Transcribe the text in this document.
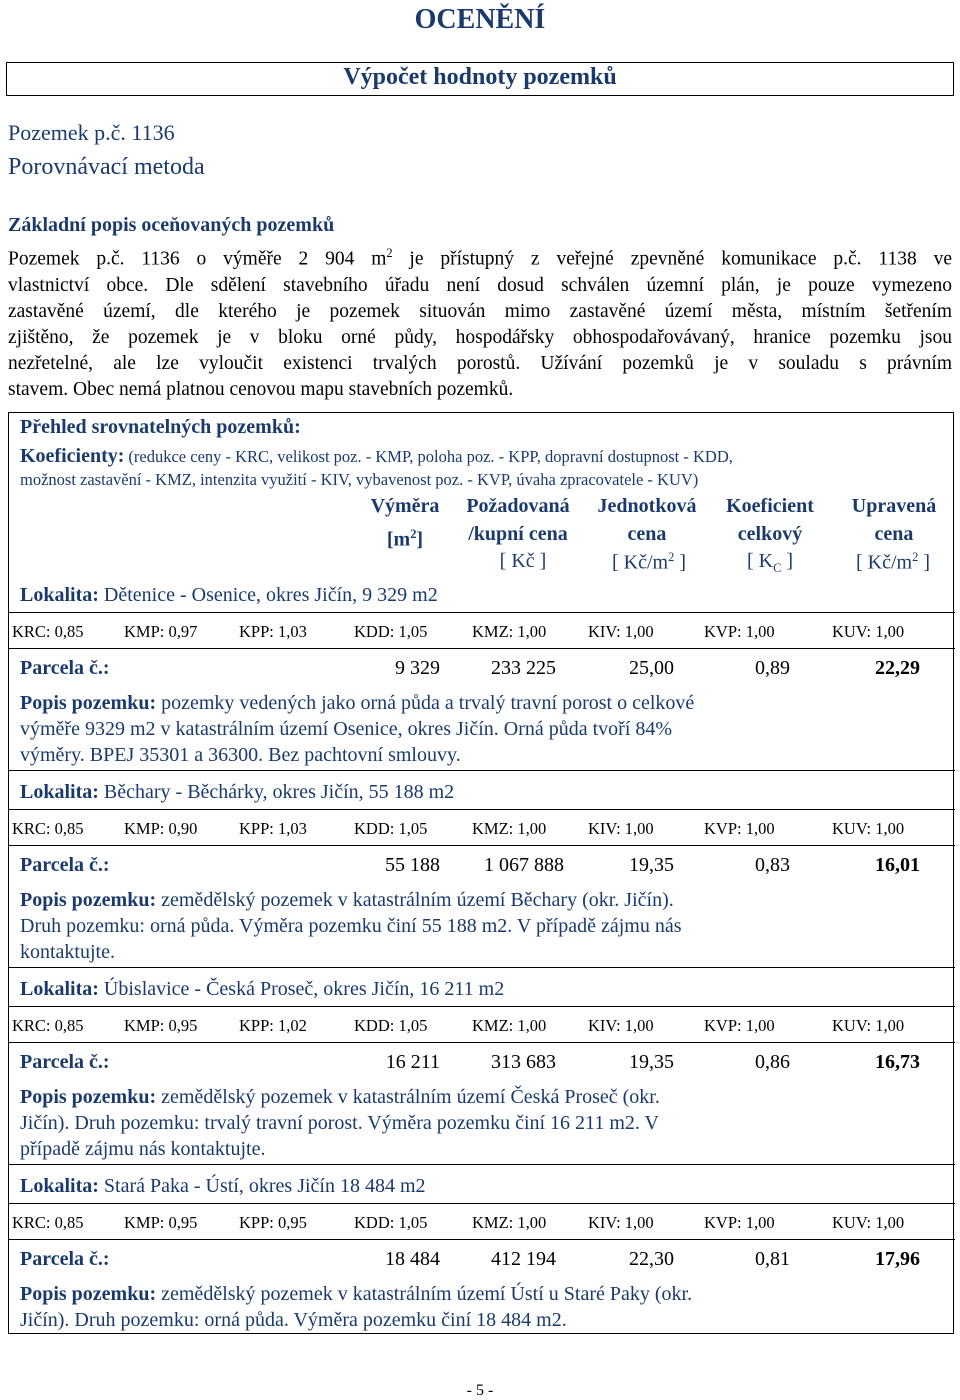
OCENĚNÍ
Výpočet hodnoty pozemků
Pozemek p.č. 1136
Porovnávací metoda
Základní popis oceňovaných pozemků
Pozemek p.č. 1136 o výměře 2 904 $m^2$ je přístupný z veřejné zpevněné komunikace p.č. 1138 ve
vlastnictví obce. Dle sdělení stavebního úřadu není dosud schválen územní plán, je pouze vymezeno
zastavěné území, dle kterého je pozemek situován mimo zastavěné území města, místním šetřením
zjištěno, že pozemek je v bloku orné půdy, hospodářsky obhospodařovávaný, hranice pozemku jsou
nezřetelné, ale lze vyloučit existenci trvalých porostů. Užívání pozemků je v souladu s právním
stavem. Obec nemá platnou cenovou mapu stavebních pozemků.
Přehled srovnatelných pozemků:
Koeficienty: (redukce ceny - KRC, velikost poz. - KMP, poloha poz. - KPP, dopravní dostupnost - KDD,
možnost zastavění - KMZ, intenzita využití - KIV, vybavenost poz. - KVP, úvaha zpracovatele - KUV)
Výměra
$[m^2]$
Požadovaná
/kupní cena
[ Kč ]
Jednotková
cena
[ $Kč/m^2$ ]
Koeficient
celkový
[ $K_C$ ]
Upravená
cena
[ $Kč/m^2$ ]
Lokalita: Dětenice - Osenice, okres Jičín, 9 329 m2
KRC: 0,85 KMP: 0,97	KPP: 1,03	KDD: 1,05	KMZ: 1,00	KIV: 1,00	KVP: 1,00	KUV: 1,00
Parcela č.:	9 329	233 225	25,00	0,89	22,29
Popis pozemku: pozemky vedených jako orná půda a trvalý travní porost o celkové
výměře 9329 m2 v katastrálním území Osenice, okres Jičín. Orná půda tvoří 84%
výměry. BPEJ 35301 a 36300. Bez pachtovní smlouvy.
Lokalita: Běchary - Běchárky, okres Jičín, 55 188 m2
KRC: 0,85 KMP: 0,90	KPP: 1,03	KDD: 1,05	KMZ: 1,00	KIV: 1,00	KVP: 1,00	KUV: 1,00
Parcela č.:	55 188	1 067 888	19,35	0,83	16,01
Popis pozemku: zemědělský pozemek v katastrálním území Běchary (okr. Jičín).
Druh pozemku: orná půda. Výměra pozemku činí 55 188 m2. V případě zájmu nás
kontaktujte.
Lokalita: Úbislavice - Česká Proseč, okres Jičín, 16 211 m2
KRC: 0,85 KMP: 0,95	KPP: 1,02	KDD: 1,05	KMZ: 1,00	KIV: 1,00	KVP: 1,00	KUV: 1,00
Parcela č.:	16 211	313 683	19,35	0,86	16,73
Popis pozemku: zemědělský pozemek v katastrálním území Česká Proseč (okr.
Jičín). Druh pozemku: trvalý travní porost. Výměra pozemku činí 16 211 m2. V
případě zájmu nás kontaktujte.
Lokalita: Stará Paka - Ústí, okres Jičín 18 484 m2
KRC: 0,85 KMP: 0,95	KPP: 0,95	KDD: 1,05	KMZ: 1,00	KIV: 1,00	KVP: 1,00	KUV: 1,00
Parcela č.:	18 484	412 194	22,30	0,81	17,96
Popis pozemku: zemědělský pozemek v katastrálním území Ústí u Staré Paky (okr.
Jičín). Druh pozemku: orná půda. Výměra pozemku činí 18 484 m2.
- 5 -
